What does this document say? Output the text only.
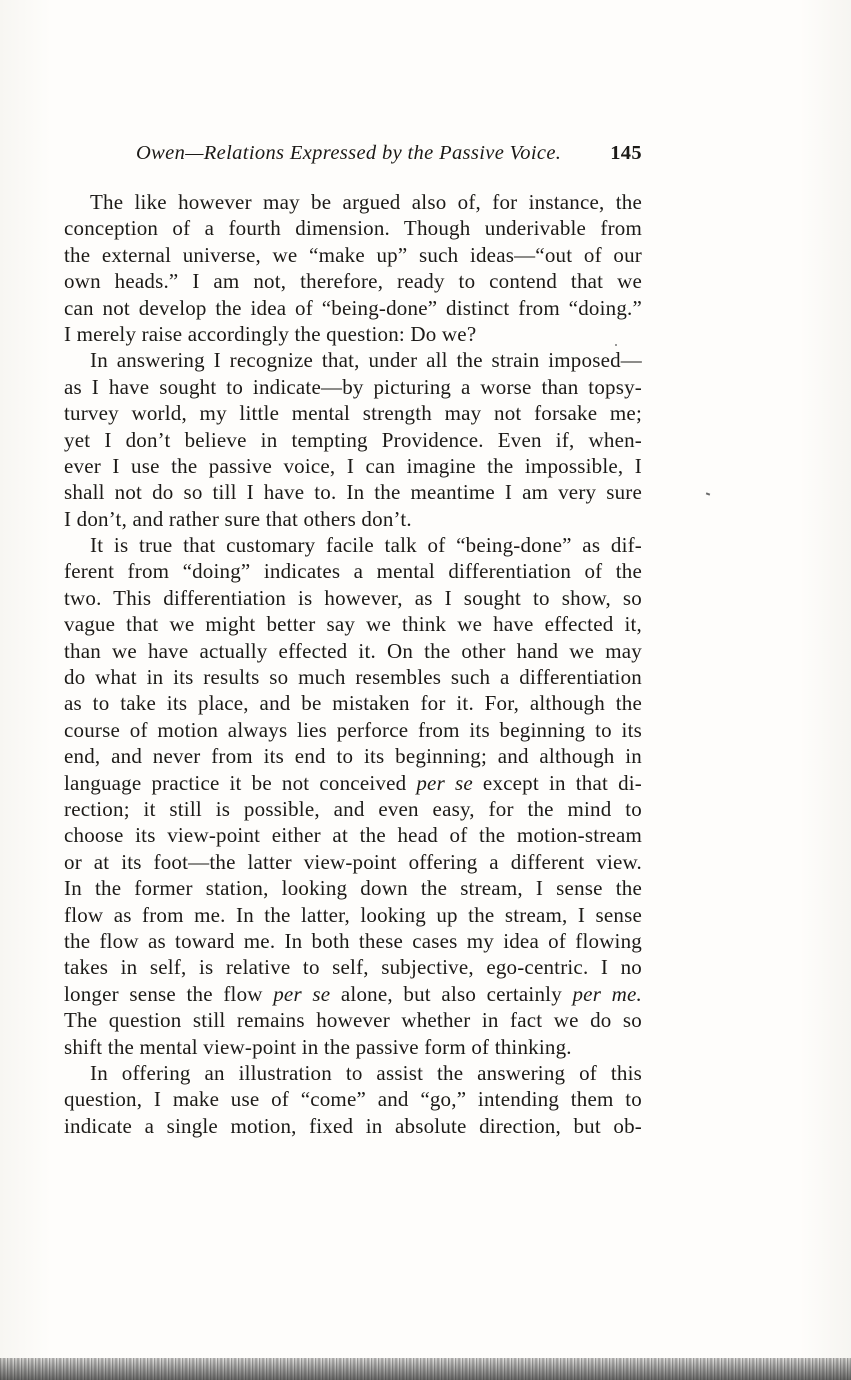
Owen—Relations Expressed by the Passive Voice. 145
The like however may be argued also of, for instance, the
conception of a fourth dimension. Though underivable from
the external universe, we “make up” such ideas—“out of our
own heads.” I am not, therefore, ready to contend that we
can not develop the idea of “being-done” distinct from “doing.”
I merely raise accordingly the question: Do we?
In answering I recognize that, under all the strain imposed—
as I have sought to indicate—by picturing a worse than topsy-
turvey world, my little mental strength may not forsake me;
yet I don’t believe in tempting Providence. Even if, when-
ever I use the passive voice, I can imagine the impossible, I
shall not do so till I have to. In the meantime I am very sure
I don’t, and rather sure that others don’t.
It is true that customary facile talk of “being-done” as dif-
ferent from “doing” indicates a mental differentiation of the
two. This differentiation is however, as I sought to show, so
vague that we might better say we think we have effected it,
than we have actually effected it. On the other hand we may
do what in its results so much resembles such a differentiation
as to take its place, and be mistaken for it. For, although the
course of motion always lies perforce from its beginning to its
end, and never from its end to its beginning; and although in
language practice it be not conceived per se except in that di-
rection; it still is possible, and even easy, for the mind to
choose its view-point either at the head of the motion-stream
or at its foot—the latter view-point offering a different view.
In the former station, looking down the stream, I sense the
flow as from me. In the latter, looking up the stream, I sense
the flow as toward me. In both these cases my idea of flowing
takes in self, is relative to self, subjective, ego-centric. I no
longer sense the flow per se alone, but also certainly per me.
The question still remains however whether in fact we do so
shift the mental view-point in the passive form of thinking.
In offering an illustration to assist the answering of this
question, I make use of “come” and “go,” intending them to
indicate a single motion, fixed in absolute direction, but ob-
